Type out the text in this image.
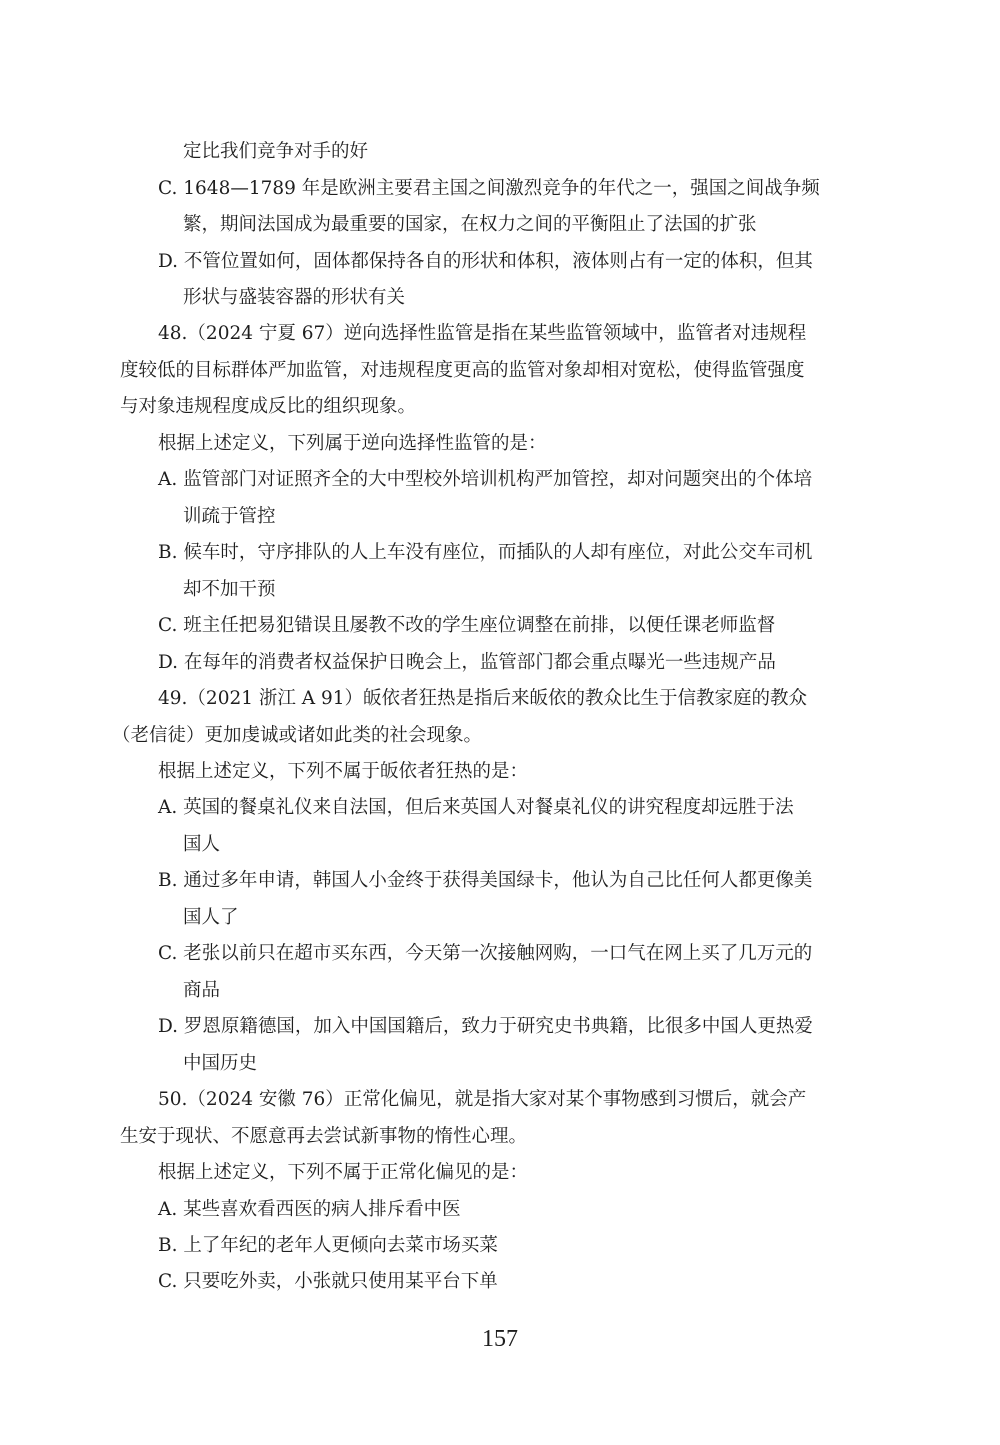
定比我们竞争对手的好
C. 1648—1789 年是欧洲主要君主国之间激烈竞争的年代之一，强国之间战争频
繁，期间法国成为最重要的国家，在权力之间的平衡阻止了法国的扩张
D. 不管位置如何，固体都保持各自的形状和体积，液体则占有一定的体积，但其
形状与盛装容器的形状有关
48.（2024 宁夏 67）逆向选择性监管是指在某些监管领域中，监管者对违规程
度较低的目标群体严加监管，对违规程度更高的监管对象却相对宽松，使得监管强度
与对象违规程度成反比的组织现象。
根据上述定义，下列属于逆向选择性监管的是：
A. 监管部门对证照齐全的大中型校外培训机构严加管控，却对问题突出的个体培
训疏于管控
B. 候车时，守序排队的人上车没有座位，而插队的人却有座位，对此公交车司机
却不加干预
C. 班主任把易犯错误且屡教不改的学生座位调整在前排，以便任课老师监督
D. 在每年的消费者权益保护日晚会上，监管部门都会重点曝光一些违规产品
49.（2021 浙江 A 91）皈依者狂热是指后来皈依的教众比生于信教家庭的教众
（老信徒）更加虔诚或诸如此类的社会现象。
根据上述定义，下列不属于皈依者狂热的是：
A. 英国的餐桌礼仪来自法国，但后来英国人对餐桌礼仪的讲究程度却远胜于法
国人
B. 通过多年申请，韩国人小金终于获得美国绿卡，他认为自己比任何人都更像美
国人了
C. 老张以前只在超市买东西，今天第一次接触网购，一口气在网上买了几万元的
商品
D. 罗恩原籍德国，加入中国国籍后，致力于研究史书典籍，比很多中国人更热爱
中国历史
50.（2024 安徽 76）正常化偏见，就是指大家对某个事物感到习惯后，就会产
生安于现状、不愿意再去尝试新事物的惰性心理。
根据上述定义，下列不属于正常化偏见的是：
A. 某些喜欢看西医的病人排斥看中医
B. 上了年纪的老年人更倾向去菜市场买菜
C. 只要吃外卖，小张就只使用某平台下单
157
